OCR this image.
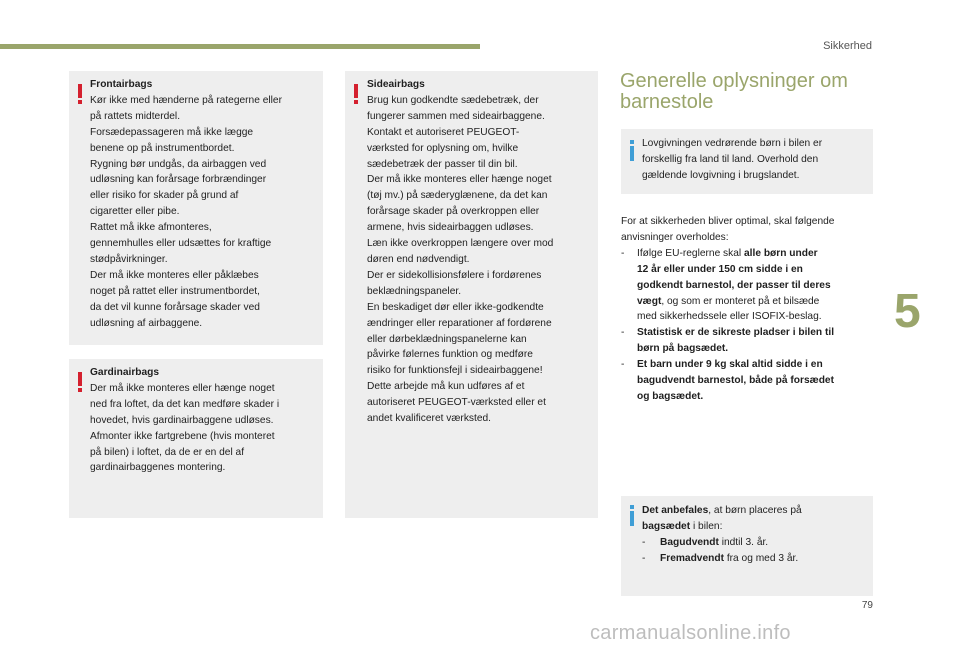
Sikkerhed
5
79
carmanualsonline.info

Frontairbags

Kør ikke med hænderne på rategerne eller

på rattets midterdel.

Forsædepassageren må ikke lægge

benene op på instrumentbordet.

Rygning bør undgås, da airbaggen ved

udløsning kan forårsage forbrændinger

eller risiko for skader på grund af

cigaretter eller pibe.

Rattet må ikke afmonteres,

gennemhulles eller udsættes for kraftige

stødpåvirkninger.

Der må ikke monteres eller påklæbes

noget på rattet eller instrumentbordet,

da det vil kunne forårsage skader ved

udløsning af airbaggene.

Gardinairbags

Der må ikke monteres eller hænge noget

ned fra loftet, da det kan medføre skader i

hovedet, hvis gardinairbaggene udløses.

Afmonter ikke fartgrebene (hvis monteret

på bilen) i loftet, da de er en del af

gardinairbaggenes montering.

Sideairbags

Brug kun godkendte sædebetræk, der

fungerer sammen med sideairbaggene.

Kontakt et autoriseret PEUGEOT-

værksted for oplysning om, hvilke

sædebetræk der passer til din bil.

Der må ikke monteres eller hænge noget

(tøj mv.) på sæderyglænene, da det kan

forårsage skader på overkroppen eller

armene, hvis sideairbaggen udløses.

Læn ikke overkroppen længere over mod

døren end nødvendigt.

Der er sidekollisionsfølere i fordørenes

beklædningspaneler.

En beskadiget dør eller ikke-godkendte

ændringer eller reparationer af fordørene

eller dørbeklædningspanelerne kan

påvirke følernes funktion og medføre

risiko for funktionsfejl i sideairbaggene!

Dette arbejde må kun udføres af et

autoriseret PEUGEOT-værksted eller et

andet kvalificeret værksted.

Generelle oplysninger om
barnestole

Lovgivningen vedrørende børn i bilen er

forskellig fra land til land. Overhold den

gældende lovgivning i brugslandet.

For at sikkerheden bliver optimal, skal følgende

anvisninger overholdes:

- Ifølge EU-reglerne skal alle børn under

12 år eller under 150 cm sidde i en

godkendt barnestol, der passer til deres

vægt, og som er monteret på et bilsæde

med sikkerhedssele eller ISOFIX-beslag.

- Statistisk er de sikreste pladser i bilen til

børn på bagsædet.

- Et barn under 9 kg skal altid sidde i en

bagudvendt barnestol, både på forsædet

og bagsædet.

Det anbefales, at børn placeres på

bagsædet i bilen:

- Bagudvendt indtil 3. år.

- Fremadvendt fra og med 3 år.
